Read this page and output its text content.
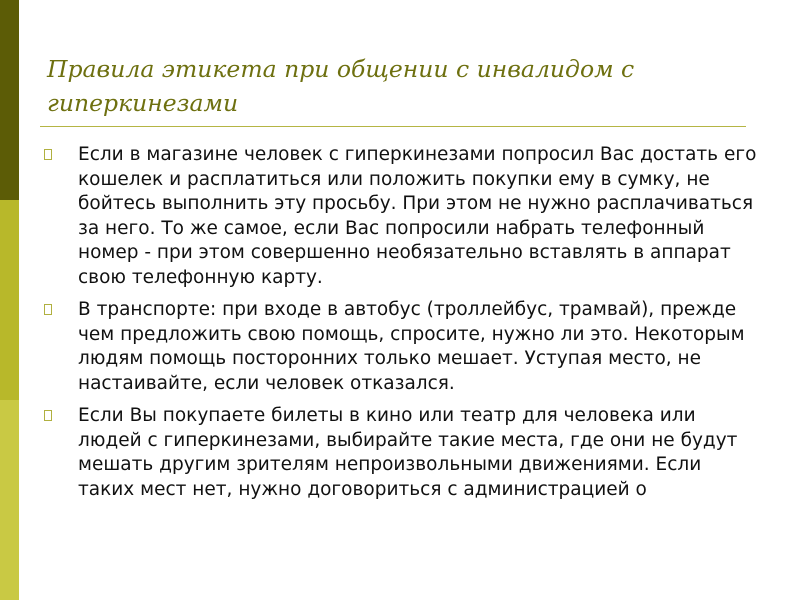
Правила этикета при общении с инвалидом с гиперкинезами
Если в магазине человек с гиперкинезами попросил Вас достать его кошелек и расплатиться или положить покупки ему в сумку, не бойтесь выполнить эту просьбу. При этом не нужно расплачиваться за него. То же самое, если Вас попросили набрать телефонный номер - при этом совершенно необязательно вставлять в аппарат свою телефонную карту.
В транспорте: при входе в автобус (троллейбус, трамвай), прежде чем предложить свою помощь, спросите, нужно ли это. Некоторым людям помощь посторонних только мешает. Уступая место, не настаивайте, если человек отказался.
Если Вы покупаете билеты в кино или театр для человека или людей с гиперкинезами, выбирайте такие места, где они не будут мешать другим зрителям непроизвольными движениями. Если таких мест нет, нужно договориться с администрацией о
